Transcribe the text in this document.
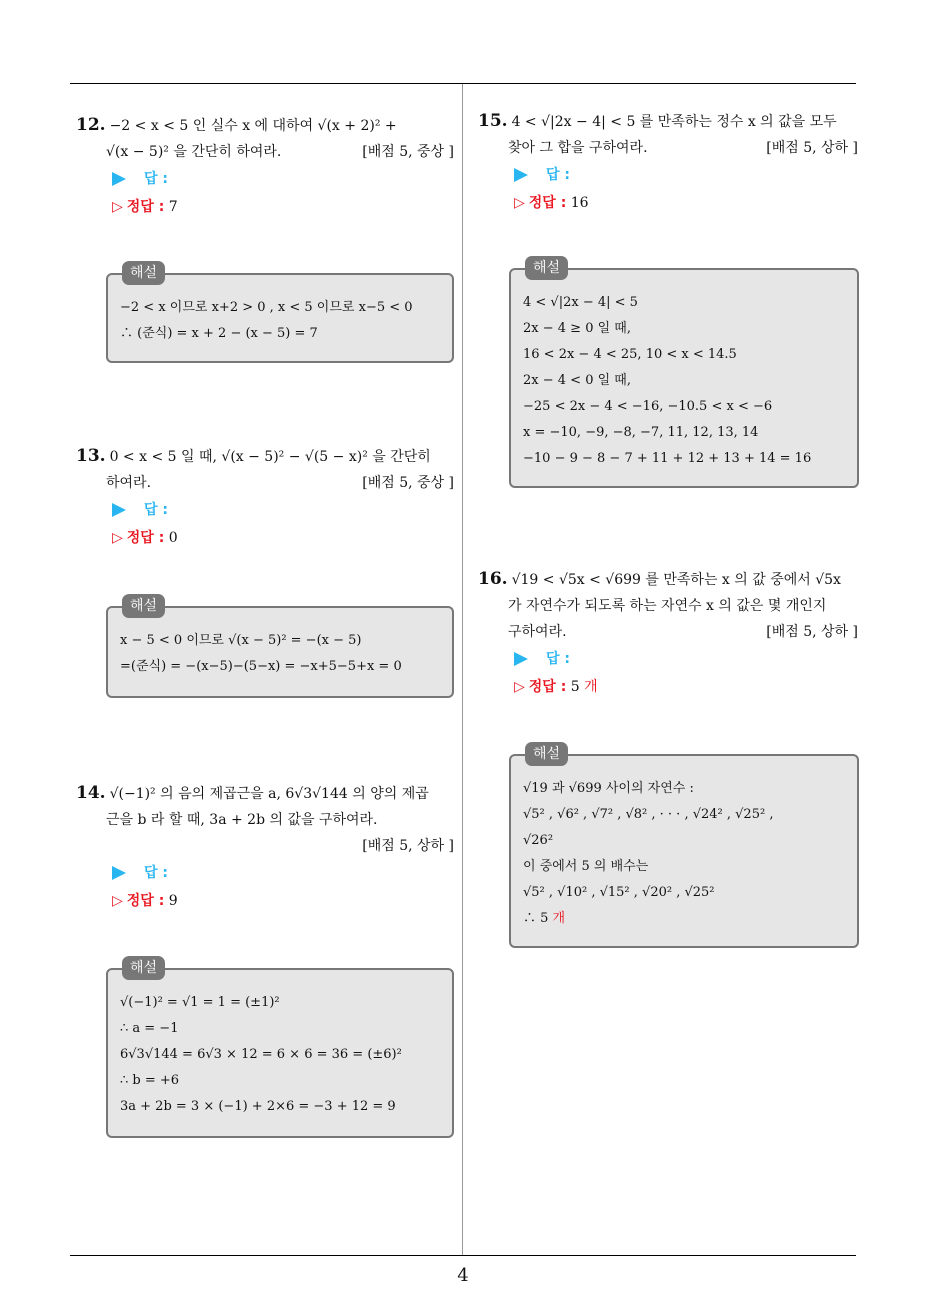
4

12. −2 < x < 5 인 실수 x 에 대하여 √(x + 2)² +

√(x − 5)² 을 간단히 하여라.	[배점 5, 중상 ]

답 :
▷ 정답 : 7
해설
−2 < x 이므로 x+2 > 0 , x < 5 이므로 x−5 < 0
∴ (준식) = x + 2 − (x − 5) = 7

13. 0 < x < 5 일 때, √(x − 5)² − √(5 − x)² 을 간단히

하여라.	[배점 5, 중상 ]

답 :
▷ 정답 : 0
해설
x − 5 < 0 이므로 √(x − 5)² = −(x − 5)
=(준식) = −(x−5)−(5−x) = −x+5−5+x = 0

14. √(−1)² 의 음의 제곱근을 a, 6√3√144 의 양의 제곱

근을 b 라 할 때, 3a + 2b 의 값을 구하여라.

[배점 5, 상하 ]

답 :
▷ 정답 : 9
해설
√(−1)² = √1 = 1 = (±1)²
∴ a = −1
6√3√144 = 6√3 × 12 = 6 × 6 = 36 = (±6)²
∴ b = +6
3a + 2b = 3 × (−1) + 2×6 = −3 + 12 = 9

15. 4 < √|2x − 4| < 5 를 만족하는 정수 x 의 값을 모두

찾아 그 합을 구하여라.	[배점 5, 상하 ]

답 :
▷ 정답 : 16
해설
4 < √|2x − 4| < 5
2x − 4 ≥ 0 일 때,
16 < 2x − 4 < 25, 10 < x < 14.5
2x − 4 < 0 일 때,
−25 < 2x − 4 < −16, −10.5 < x < −6
x = −10, −9, −8, −7, 11, 12, 13, 14
−10 − 9 − 8 − 7 + 11 + 12 + 13 + 14 = 16

16. √19 < √5x < √699 를 만족하는 x 의 값 중에서 √5x

가 자연수가 되도록 하는 자연수 x 의 값은 몇 개인지

구하여라.	[배점 5, 상하 ]

답 :
▷ 정답 : 5 개
해설
√19 과 √699 사이의 자연수 :
√5² , √6² , √7² , √8² , · · · , √24² , √25² ,
√26²
이 중에서 5 의 배수는
√5² , √10² , √15² , √20² , √25²
∴ 5 개
